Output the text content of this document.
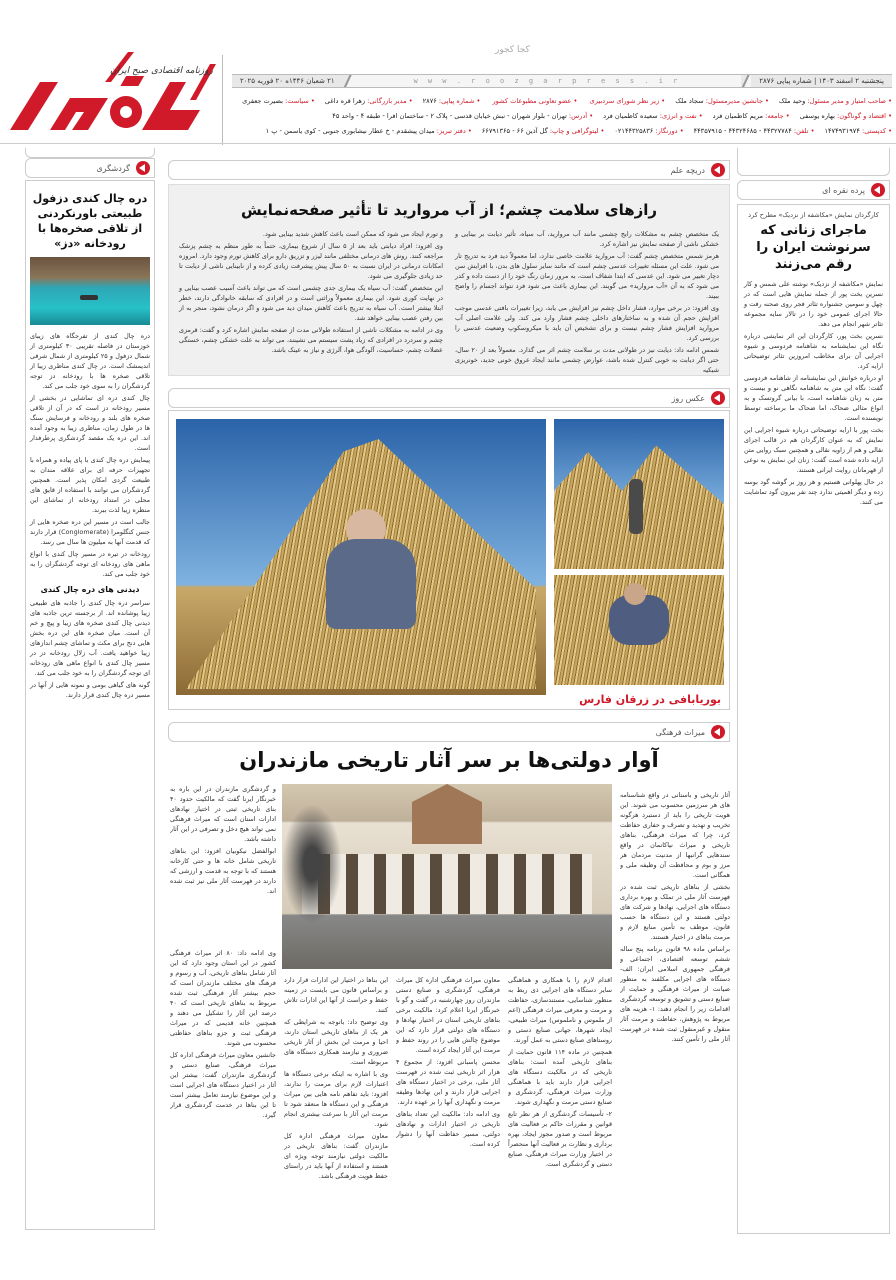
روزنامه اقتصادی صبح ایران
کجا کجور
پنجشنبه ۲ اسفند ۱۴۰۳ | شماره پیاپی ۲۸۷۶
w w w . r o o z g a r p r e s s . i r
۲۱ شعبان ۱۴۴۶ه ۲۰ فوریه ۲۰۲۵
• صاحب امتیاز و مدیر مسئول: وحید ملک• جانشین مدیرمسئول: سجاد ملک• زیر نظر شورای سردبیری • عضو تعاونی مطبوعات کشور • شماره پیاپی: ۲۸۷۶• مدیر بازرگانی: زهرا قره داغی• سیاست: بصیرت جعفری
• اقتصاد و گوناگون: بهاره یوسفی• جامعه: مریم کاظمیان فرد• نفت و انرژی: سعیده کاظمیان فرد• آدرس: تهران - بلوار شهران - نبش خیابان قدسی - پلاک ۲ - ساختمان افرا - طبقه ۴ - واحد ۴۵
• کدپستی: ۱۴۷۴۹۳۱۹۷۴• تلفن: ۴۴۳۲۷۷۸۴ - ۴۴۳۲۴۶۸۵ - ۴۴۳۵۷۹۱۵• دورنگار: ۰۲۱۴۴۳۲۵۸۳۶• لیتوگرافی و چاپ: گل آذین ۶۶ - ۶۶۷۹۱۳۶۵• دفتر تبریز: میدان پیشقدم - خ عطار نیشابوری جنوبی - کوی یاسمن - پ ۱
پرده نقره ای
کارگردان نمایش «مکاشفه از نزدیک» مطرح کرد
ماجرای زنانی که سرنوشت ایران را رقم می‌زنند

نمایش «مکاشفه از نزدیک» نوشته علی شمس و کار نسرین بخت پور از جمله نمایش هایی است که در چهل و سومین جشنواره تئاتر فجر روی صحنه رفت و حالا اجرای عمومی خود را در تالار سایه مجموعه تئاتر شهر انجام می دهد.

نسرین بخت پور، کارگردان این اثر نمایشی درباره نگاه این نمایشنامه به شاهنامه فردوسی و شیوه اجرایی آن برای مخاطب امروزین تئاتر توضیحاتی ارایه کرد.

او درباره خوانش این نمایشنامه از شاهنامه فردوسی گفت: نگاه این متن به شاهنامه نگاهی نو و بیست و متن به زبان شاهنامه است، با بیانی گروتسک و به انواع مثالی ضحاک، اما ضحاک ما برساخته توسط نویسنده است.

بخت پور با ارایه توضیحاتی درباره شیوه اجرایی این نمایش که به عنوان کارگردان هم در قالب اجرای نقالی و هم از زاویه نقالی و همچنین سبک روایی متن ارایه داده شده است گفت: زنان این نمایش به نوعی از قهرمانان روایت ایرانی هستند.

در حال پهلوانی هستیم و هر روز بر گوشه گود بوسه زده و دیگر اهمیتی ندارد چند نفر بیرون گود تماشایت می کنند.

گردشگری
دره چال کندی دزفول طبیعتی باورنکردنی از تلاقی صخره‌ها با رودخانه «دز»

دره چال کندی از تفرجگاه های زیبای خوزستان در فاصله تقریبی ۳۰ کیلومتری از شمال دزفول و ۲۵ کیلومتری از شمال شرقی اندیمشک است. در چال کندی مناظری زیبا از تلاقی صخره ها با رودخانه دز توجه گردشگران را به سوی خود جلب می کند.

چال کندی دره ای تماشایی در بخشی از مسیر رودخانه دز است که در آن از تلاقی صخره های بلند و رودخانه و فرسایش سنگ ها در طول زمان، مناظری زیبا به وجود آمده اند. این دره یک مقصد گردشگری پرطرفدار است.

پیمایش دره چال کندی با پای پیاده و همراه با تجهیزات حرفه ای برای علاقه مندان به طبیعت گردی امکان پذیر است. همچنین گردشگران می توانند با استفاده از قایق های محلی در امتداد رودخانه از تماشای این منظره زیبا لذت ببرند.

جالب است در مسیر این دره صخره هایی از جنس کنگلومرا (Conglomerate) قرار دارند که قدمت آنها به میلیون ها سال می رسد.

رودخانه در تیره در مسیر چال کندی با انواع ماهی های رودخانه ای توجه گردشگران را به خود جلب می کند.

دیدنی های دره چال کندی

سراسر دره چال کندی را جاذبه های طبیعی زیبا پوشانده اند. از برجسته ترین جاذبه های دیدنی چال کندی صخره های زیبا و پیچ و خم آن است. میان صخره های این دره بخش هایی دنج برای مکث و تماشای چشم اندازهای زیبا خواهید یافت. آب زلال رودخانه دز در مسیر چال کندی با انواع ماهی های رودخانه ای توجه گردشگران را به خود جلب می کند.

گونه های گیاهی بومی و نمونه هایی از آنها در مسیر دره چال کندی قرار دارند.

دریچه علم
رازهای سلامت چشم؛ از آب مروارید تا تأثیر صفحه‌نمایش

یک متخصص چشم به مشکلات رایج چشمی مانند آب مروارید، آب سیاه، تأثیر دیابت بر بینایی و خشکی ناشی از صفحه نمایش نیز اشاره کرد.

هرمز شمس متخصص چشم گفت: آب مروارید علامت خاصی ندارد، اما معمولاً دید فرد به تدریج تار می شود. علت این مسئله تغییرات عدسی چشم است که مانند سایر سلول های بدن، با افزایش سن دچار تغییر می شود. این عدسی که ابتدا شفاف است، به مرور زمان رنگ خود را از دست داده و کدر می شود که به آن «آب مروارید» می گویند. این بیماری باعث می شود فرد نتواند اجسام را واضح ببیند.

وی افزود: در برخی موارد، فشار داخل چشم نیز افزایش می یابد، زیرا تغییرات بافتی عدسی موجب افزایش حجم آن شده و به ساختارهای داخلی چشم فشار وارد می کند. ولی علامت اصلی آب مروارید افزایش فشار چشم نیست و برای تشخیص آن باید با میکروسکوپ وضعیت عدسی را بررسی کرد.

شمس ادامه داد: دیابت نیز در طولانی مدت بر سلامت چشم اثر می گذارد. معمولاً بعد از ۲۰ سال، حتی اگر دیابت به خوبی کنترل شده باشد، عوارض چشمی مانند ایجاد عروق خونی جدید، خونریزی شبکیه

و تورم ایجاد می شود که ممکن است باعث کاهش شدید بینایی شود.

وی افزود: افراد دیابتی باید بعد از ۵ سال از شروع بیماری، حتماً به طور منظم به چشم پزشک مراجعه کنند. روش های درمانی مختلفی مانند لیزر و تزریق دارو برای کاهش تورم وجود دارد. امروزه امکانات درمانی در ایران نسبت به ۵۰ سال پیش پیشرفت زیادی کرده و از نابینایی ناشی از دیابت تا حد زیادی جلوگیری می شود.

این متخصص گفت: آب سیاه یک بیماری جدی چشمی است که می تواند باعث آسیب عصب بینایی و در نهایت کوری شود. این بیماری معمولاً وراثتی است و در افرادی که سابقه خانوادگی دارند، خطر ابتلا بیشتر است. آب سیاه به تدریج باعث کاهش میدان دید می شود و اگر درمان نشود، منجر به از بین رفتن عصب بینایی خواهد شد.

وی در ادامه به مشکلات ناشی از استفاده طولانی مدت از صفحه نمایش اشاره کرد و گفت: قرمزی چشم و سردرد در افرادی که زیاد پشت سیستم می نشینند، می تواند به علت خشکی چشم، خستگی عضلات چشم، حساسیت، آلودگی هوا، آلرژی و نیاز به عینک باشد.

عکس روز
بوریابافی در زرقان فارس
میراث فرهنگی
آوار دولتی‌ها بر سر آثار تاریخی مازندران

آثار تاریخی و باستانی در واقع شناسنامه های هر سرزمین محسوب می شوند. این هویت تاریخی را باید از دستبرد هرگونه تخریب و تهدید و تصرف و حفاری حفاظت کرد، چرا که میراث فرهنگی، بناهای تاریخی و میراث نیاکانمان در واقع سندهایی گرانبها از مدنیت مردمان هر مرز و بوم و محافظت آن وظیفه ملی و همگانی است.

بخشی از بناهای تاریخی ثبت شده در فهرست آثار ملی در تملک و بهره برداری دستگاه های اجرایی، نهادها و شرکت های دولتی هستند و این دستگاه ها حسب قانون، موظف به تأمین منابع لازم و مرمت بناهای در اختیار هستند.

براساس ماده ۹۸ قانون برنامه پنج ساله ششم توسعه اقتصادی، اجتماعی و فرهنگی جمهوری اسلامی ایران: الف- دستگاه های اجرایی مکلفند به منظور صیانت از میراث فرهنگی و حمایت از صنایع دستی و تشویق و توسعه گردشگری اقدامات زیر را انجام دهند: ۱- هزینه های مربوط به پژوهش، حفاظت و مرمت آثار منقول و غیرمنقول ثبت شده در فهرست آثار ملی را تأمین کنند.

و گردشگری مازندران در این باره به خبرنگار ایرنا گفت که مالکیت حدود ۴۰ بنای تاریخی ثبتی در اختیار نهادهای ادارات استان است که میراث فرهنگی نمی تواند هیچ دخل و تصرفی در این آثار داشته باشد.

ابوالفضل نیکوبیان افزود: این بناهای تاریخی شامل خانه ها و حتی کارخانه هستند که با توجه به قدمت و ارزشی که دارند در فهرست آثار ملی نیز ثبت شده اند.

اقدام لازم را با همکاری و هماهنگی سایر دستگاه های اجرایی ذی ربط به منظور شناسایی، مستندسازی، حفاظت و مرمت و معرفی میراث فرهنگی (اعم از ملموس و ناملموس) میراث طبیعی، ایجاد شهرها، جهانی صنایع دستی و روستاهای صنایع دستی به عمل آورند.

همچنین در ماده ۱۱۴ قانون حمایت از بناهای تاریخی آمده است: بناهای تاریخی که در مالکیت دستگاه های اجرایی قرار دارند باید با هماهنگی وزارت میراث فرهنگی، گردشگری و صنایع دستی مرمت و نگهداری شوند.

۲- تأسیسات گردشگری از هر نظر تابع قوانین و مقررات حاکم بر فعالیت های مربوط است و صدور مجوز ایجاد، بهره برداری و نظارت بر فعالیت آنها منحصراً در اختیار وزارت میراث فرهنگی، صنایع دستی و گردشگری است.

معاون میراث فرهنگی اداره کل میراث فرهنگی، گردشگری و صنایع دستی مازندران روز چهارشنبه در گفت و گو با خبرنگار ایرنا اعلام کرد: مالکیت برخی بناهای تاریخی استان در اختیار نهادها و دستگاه های دولتی قرار دارد که این موضوع چالش هایی را در روند حفظ و مرمت این آثار ایجاد کرده است.

محسن پاسبانی افزود: از مجموع ۴ هزار اثر تاریخی ثبت شده در فهرست آثار ملی، برخی در اختیار دستگاه های اجرایی قرار دارند و این نهادها وظیفه مرمت و نگهداری آنها را بر عهده دارند.

وی ادامه داد: مالکیت این تعداد بناهای تاریخی در اختیار ادارات و نهادهای دولتی، مسیر حفاظت آنها را دشوار کرده است.

این بناها در اختیار این ادارات قرار دارد و براساس قانون می بایست در زمینه حفظ و حراست از آنها این ادارات تلاش کنند.

وی توضیح داد: باتوجه به شرایطی که هر یک از بناهای تاریخی استان دارند، احیا و مرمت این بخش از آثار تاریخی ضروری و نیازمند همکاری دستگاه های مربوطه است.

وی با اشاره به اینکه برخی دستگاه ها اعتبارات لازم برای مرمت را ندارند، افزود: باید تفاهم نامه هایی بین میراث فرهنگی و این دستگاه ها منعقد شود تا مرمت این آثار با سرعت بیشتری انجام شود.

معاون میراث فرهنگی اداره کل مازندران گفت: بناهای تاریخی در مالکیت دولتی نیازمند توجه ویژه ای هستند و استفاده از آنها باید در راستای حفظ هویت فرهنگی باشد.

وی ادامه داد: ۸۰ اثر میراث فرهنگی کشور در این استان وجود دارد که این آثار شامل بناهای تاریخی، آب و رسوم و فرهنگ های مختلف مازندران است که حجم بیشتر آثار فرهنگی ثبت شده مربوط به بناهای تاریخی است که ۴۰ درصد این آثار را تشکیل می دهند و همچنین خانه قدیمی که در میراث فرهنگی ثبت و جزو بناهای حفاظتی محسوب می شوند.

جانشین معاون میراث فرهنگی اداره کل میراث فرهنگی، صنایع دستی و گردشگری مازندران گفت: بیشتر این آثار در اختیار دستگاه های اجرایی است و این موضوع نیازمند تعامل بیشتر است تا این بناها در خدمت گردشگری قرار گیرد.
